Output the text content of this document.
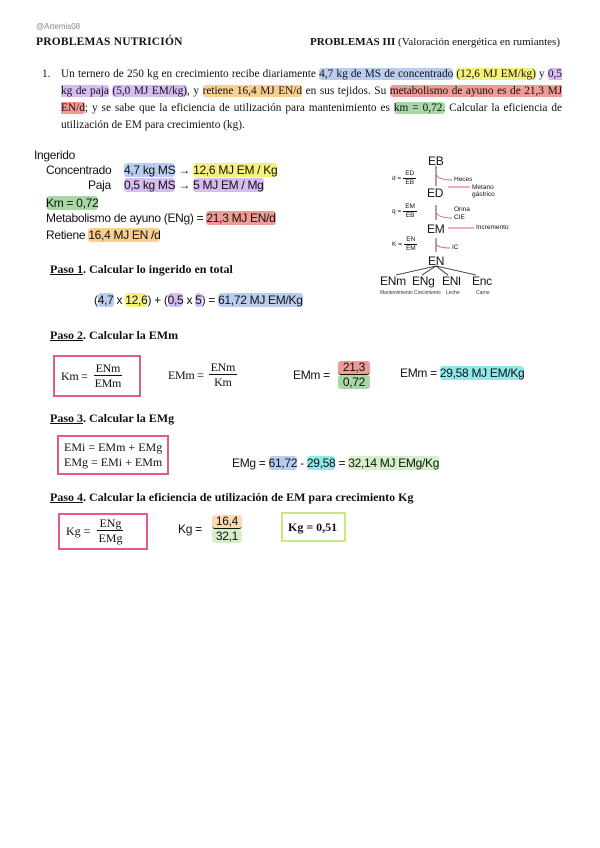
@Artemis08
PROBLEMAS NUTRICIÓN	PROBLEMAS III (Valoración energética en rumiantes)
1. Un ternero de 250 kg en crecimiento recibe diariamente 4,7 kg de MS de concentrado (12,6 MJ EM/kg) y 0,5 kg de paja (5,0 MJ EM/kg), y retiene 16,4 MJ EN/d en sus tejidos. Su metabolismo de ayuno es de 21,3 MJ EN/d; y se sabe que la eficiencia de utilización para mantenimiento es km = 0,72. Calcular la eficiencia de utilización de EM para crecimiento (kg).
Ingerido
Concentrado 4,7 kg MS → 12,6 MJ EM / Kg
Paja 0,5 kg MS → 5 MJ EM / Mg
Km = 0,72
Metabolismo de ayuno (ENg) = 21,3 MJ EN/d
Retiene 16,4 MJ EN /d
EB
ED
EM
EN
Heces
Metano gástrico
Orina
CIE
Incremento
IC
ENm ENg ENl Enc
Mantenimiento Crecimiento Leche	Carne
$d = \frac{ED}{EB}$
$q = \frac{EM}{EB}$
$K = \frac{EN}{EM}$
Paso 1. Calcular lo ingerido en total
(4,7 x 12,6) + (0,5 x 5) = 61,72 MJ EM/Kg
Paso 2. Calcular la EMm
$Km = \frac{\text{ENm}}{\text{EMm}}$	EMm = $\frac{\text{ENm}}{Km}$	EMm = $\frac{21,3}{0,72}$	EMm = 29,58 MJ EM/Kg
Paso 3. Calcular la EMg
EMi = EMm + EMg
EMg = EMi + EMm	EMg = 61,72 - 29,58 = 32,14 MJ EMg/Kg
Paso 4. Calcular la eficiencia de utilización de EM para crecimiento Kg
$Kg = \frac{\text{ENg}}{\text{EMg}}$	$Kg = \frac{16,4}{32,1}$	Kg = 0,51
